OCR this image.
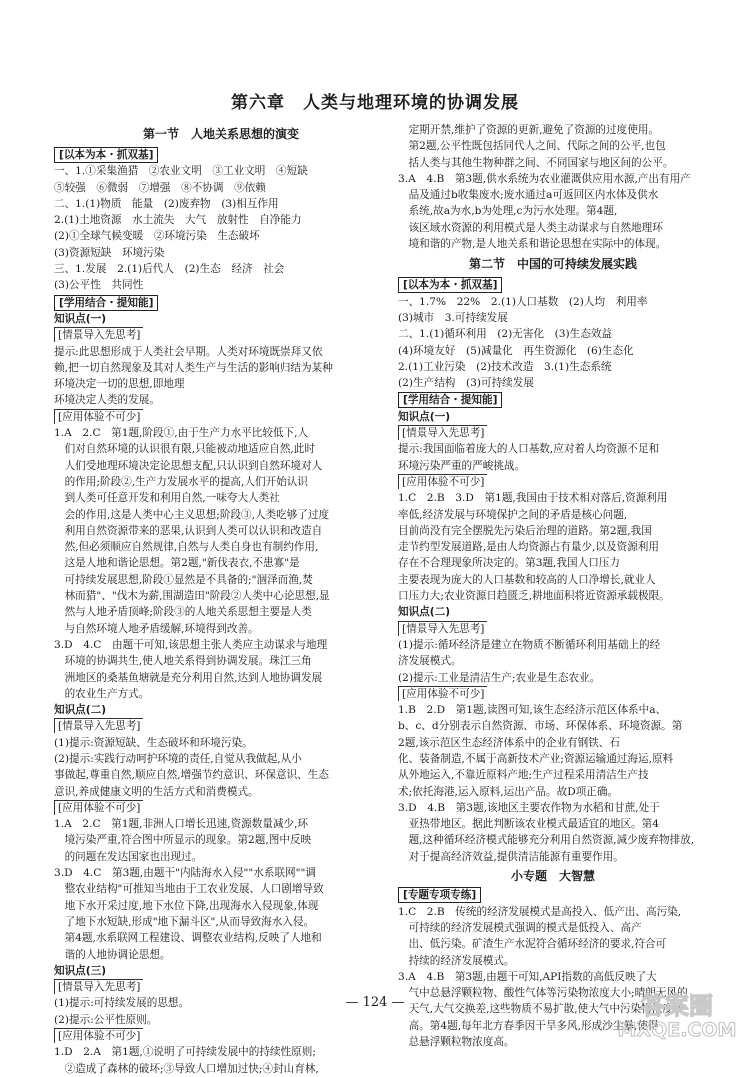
第六章　人类与地理环境的协调发展
第一节　人地关系思想的演变
[以本为本・抓双基]
一、1.①采集渔猎　②农业文明　③工业文明　④短缺
⑤较强　⑥微弱　⑦增强　⑧不协调　⑨依赖
二、1.(1)物质　能量　(2)废弃物　(3)相互作用
2.(1)土地资源　水土流失　大气　放射性　自净能力
(2)①全球气候变暖　②环境污染　生态破坏
(3)资源短缺　环境污染
三、1.发展　2.(1)后代人　(2)生态　经济　社会
(3)公平性　共同性
[学用结合・提知能]
知识点(一)
[情景导入先思考]
提示:此思想形成于人类社会早期。人类对环境既崇拜又依
赖,把一切自然现象及其对人类生产与生活的影响归结为某种
环境决定一切的思想,即地理
环境决定人类的发展。
[应用体验不可少]
1.A　2.C　第1题,阶段①,由于生产力水平比较低下,人
　们对自然环境的认识很有限,只能被动地适应自然,此时
　人们受地理环境决定论思想支配,只认识到自然环境对人
　的作用;阶段②,生产力发展水平的提高,人们开始认识
　到人类可任意开发和利用自然,一味夸大人类社
　会的作用,这是人类中心主义思想;阶段③,人类吃够了过度
　利用自然资源带来的恶果,认识到人类可以认识和改造自
　然,但必须顺应自然规律,自然与人类自身也有制约作用,
　这是人地和谐论思想。第2题,"新伐表衣,不患寡"是
　可持续发展思想,阶段①显然是不具备的;"涸泽而渔,焚
　林而猎"、"伐木为薪,围湖造田"阶段②人类中心论思想,显
　然与人地矛盾顶峰;阶段③的人地关系思想主要是人类
　与自然环境人地矛盾缓解,环境得到改善。
3.D　4.C　由题干可知,该思想主张人类应主动谋求与地理
　环境的协调共生,使人地关系得到协调发展。珠江三角
　洲地区的桑基鱼塘就是充分利用自然,达到人地协调发展
　的农业生产方式。
知识点(二)
[情景导入先思考]
(1)提示:资源短缺、生态破坏和环境污染。
(2)提示:实践行动呵护环境的责任,自觉从我做起,从小
事做起,尊重自然,顺应自然,增强节约意识、环保意识、生态
意识,养成健康文明的生活方式和消费模式。
[应用体验不可少]
1.A　2.C　第1题,非洲人口增长迅速,资源数量减少,环
　境污染严重,符合图中所显示的现象。第2题,图中反映
　的问题在发达国家也出现过。
3.D　4.C　第3题,由题干"内陆海水入侵""水系联网""调
　整农业结构"可推知当地由于工农业发展、人口剧增导致
　地下水开采过度,地下水位下降,出现海水入侵现象,体现
　了地下水短缺,形成"地下漏斗区",从而导致海水入侵。
　第4题,水系联网工程建设、调整农业结构,反映了人地和
　谐的人地协调论思想。
知识点(三)
[情景导入先思考]
(1)提示:可持续发展的思想。
(2)提示:公平性原则。
[应用体验不可少]
1.D　2.A　第1题,①说明了可持续发展中的持续性原则;
　②造成了森林的破坏;③导致人口增加过快;④封山育林,
　定期开禁,维护了资源的更新,避免了资源的过度使用。
　第2题,公平性既包括同代人之间、代际之间的公平,也包
　括人类与其他生物种群之间、不同国家与地区间的公平。
3.A　4.B　第3题,供水系统为农业灌溉供应用水源,产出有用产
　品及通过b收集废水;废水通过a可返回区内水体及供水
　系统,故a为水,b为处理,c为污水处理。第4题,
　该区域水资源的利用模式是人类主动谋求与自然地理环
　境和谐的产物,是人地关系和谐论思想在实际中的体现。
第二节　中国的可持续发展实践
[以本为本・抓双基]
一、1.7%　22%　2.(1)人口基数　(2)人均　利用率
(3)城市　3.可持续发展
二、1.(1)循环利用　(2)无害化　(3)生态效益
(4)环境友好　(5)减量化　再生资源化　(6)生态化
2.(1)工业污染　(2)技术改造　3.(1)生态系统
(2)生产结构　(3)可持续发展
[学用结合・提知能]
知识点(一)
[情景导入先思考]
提示:我国面临着庞大的人口基数,应对着人均资源不足和
环境污染严重的严峻挑战。
[应用体验不可少]
1.C　2.B　3.D　第1题,我国由于技术相对落后,资源利用
率低,经济发展与环境保护之间的矛盾是核心问题,
目前尚没有完全摆脱先污染后治理的道路。第2题,我国
走节约型发展道路,是由人均资源占有量少,以及资源利用
存在不合理现象所决定的。第3题,我国人口压力
主要表现为庞大的人口基数和较高的人口净增长,就业人
口压力大;农业资源日趋匮乏,耕地面积将近资源承载极限。
知识点(二)
[情景导入先思考]
(1)提示:循环经济是建立在物质不断循环利用基础上的经
济发展模式。
(2)提示:工业是清洁生产;农业是生态农业。
[应用体验不可少]
1.B　2.D　第1题,读图可知,该生态经济示范区体系中a、
b、c、d分别表示自然资源、市场、环保体系、环境资源。第
2题,该示范区生态经济体系中的企业有钢铁、石
化、装备制造,不属于高新技术产业;资源运输通过海运,原料
从外地运入,不靠近原料产地;生产过程采用清洁生产技
术;依托海港,运入原料,运出产品。故D项正确。
3.D　4.B　第3题,该地区主要农作物为水稻和甘蔗,处于
　亚热带地区。据此判断该农业模式最适宜的地区。第4
　题,这种循环经济模式能够充分利用自然资源,减少废弃物排放,
　对于提高经济效益,提供清洁能源有重要作用。
小专题　大智慧
[专题专项专练]
1.C　2.B　传统的经济发展模式是高投入、低产出、高污染,
　可持续的经济发展模式强调的模式是低投入、高产
　出、低污染。矿渣生产水泥符合循环经济的要求,符合可
　持续的经济发展模式。
3.A　4.B　第3题,由题干可知,API指数的高低反映了大
　气中总悬浮颗粒物、酸性气体等污染物浓度大小;晴朗无风的
　天气,大气交换差,这些物质不易扩散,使大气中污染物浓度增
　高。第4题,每年北方春季因干旱多风,形成沙尘暴,使得
　总悬浮颗粒物浓度高。
— 124 —	答案圈
MXQE.COM
